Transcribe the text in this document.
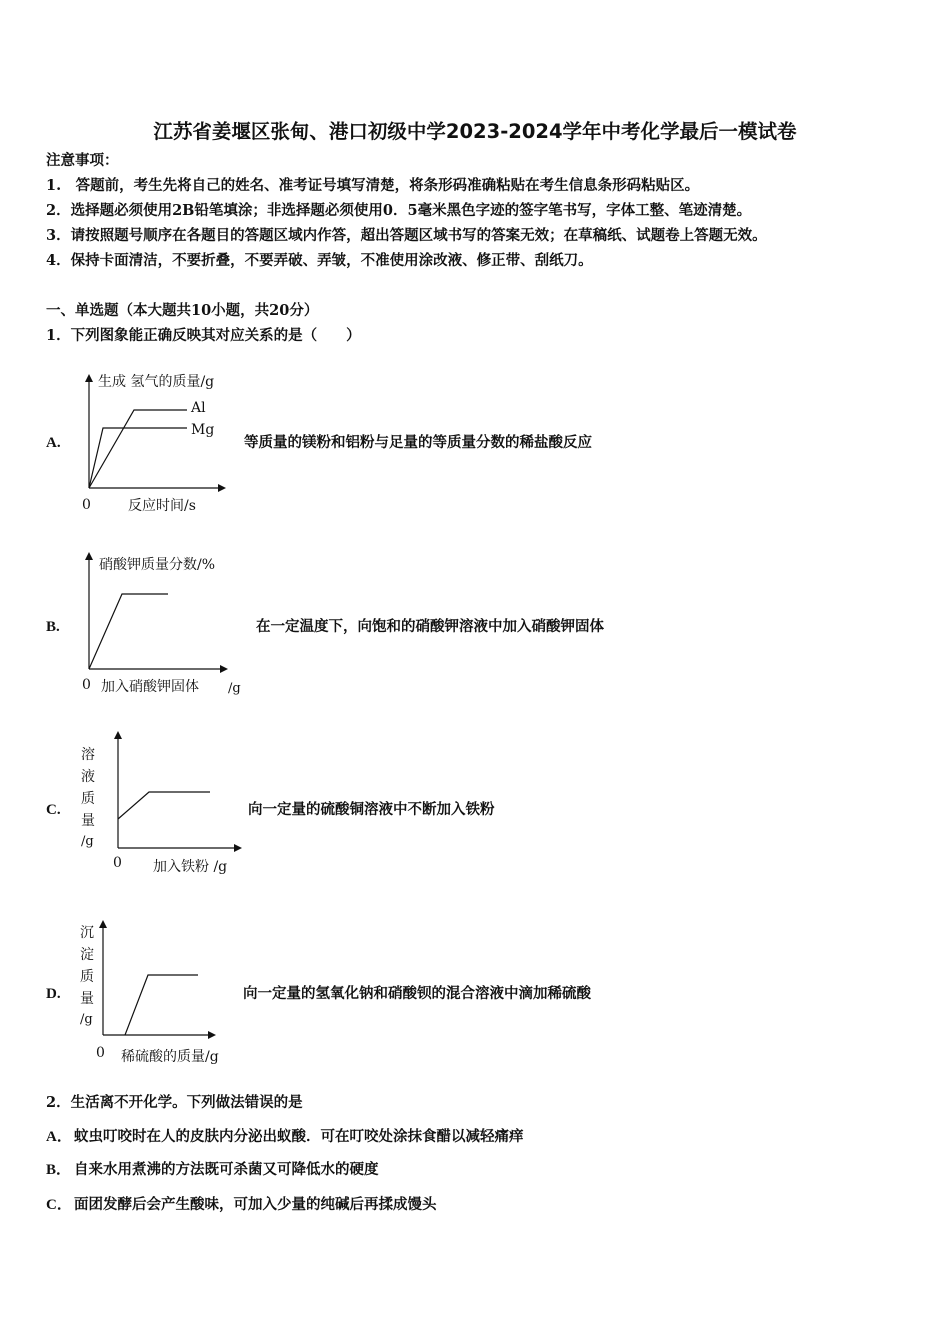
江苏省姜堰区张甸、港口初级中学2023-2024学年中考化学最后一模试卷
注意事项：
1.　答题前，考生先将自己的姓名、准考证号填写清楚，将条形码准确粘贴在考生信息条形码粘贴区。
2．选择题必须使用2B铅笔填涂；非选择题必须使用0．5毫米黑色字迹的签字笔书写，字体工整、笔迹清楚。
3．请按照题号顺序在各题目的答题区域内作答，超出答题区域书写的答案无效；在草稿纸、试题卷上答题无效。
4．保持卡面清洁，不要折叠，不要弄破、弄皱，不准使用涂改液、修正带、刮纸刀。
一、单选题（本大题共10小题，共20分）
1．下列图象能正确反映其对应关系的是（　　）
A.	等质量的镁粉和铝粉与足量的等质量分数的稀盐酸反应
B.	在一定温度下，向饱和的硝酸钾溶液中加入硝酸钾固体
C.	向一定量的硫酸铜溶液中不断加入铁粉
D.	向一定量的氢氧化钠和硝酸钡的混合溶液中滴加稀硫酸
生成 氢气的质量/g
Al
Mg
0	反应时间/s
硝酸钾质量分数/%
0 加入硝酸钾固体 /g
溶
液
质
量
/g
0 加入铁粉 /g
沉
淀
质
量
/g
0 稀硫酸的质量/g
2．生活离不开化学。下列做法错误的是
A． 蚊虫叮咬时在人的皮肤内分泌出蚁酸．可在叮咬处涂抹食醋以减轻痛痒
B． 自来水用煮沸的方法既可杀菌又可降低水的硬度
C． 面团发酵后会产生酸味，可加入少量的纯碱后再揉成馒头
